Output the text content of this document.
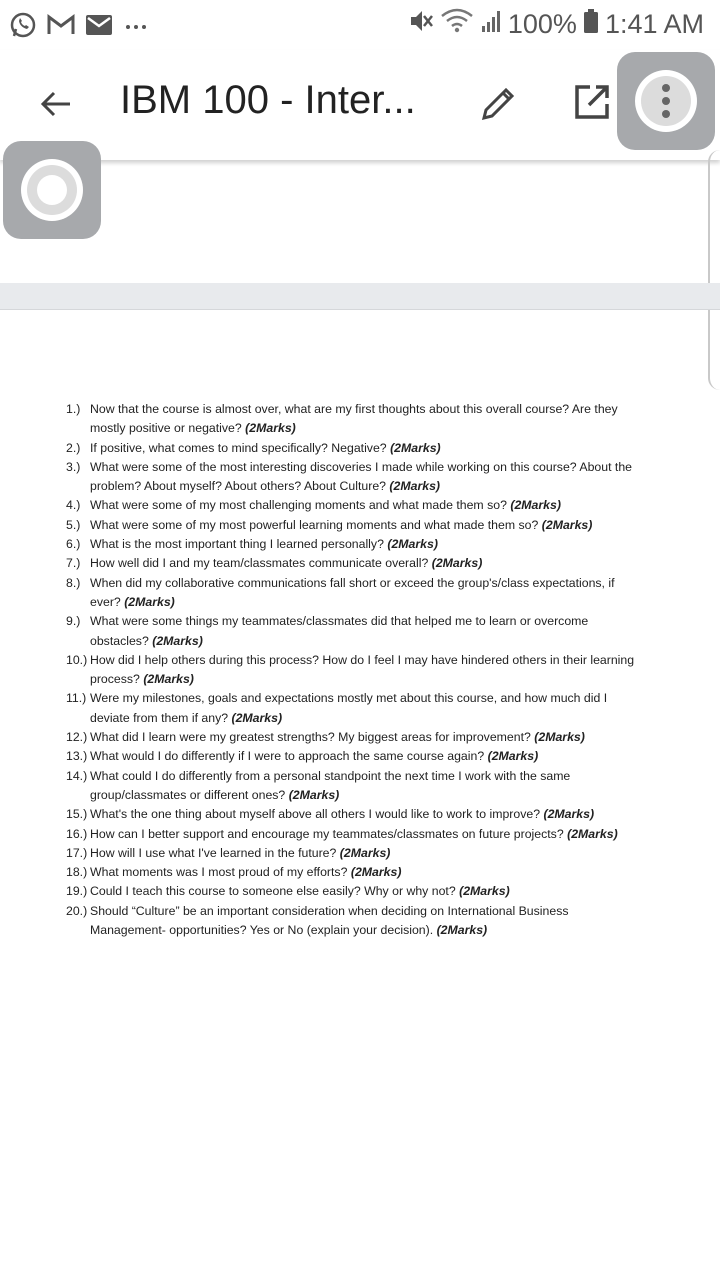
100% 1:41 AM
IBM 100 - Inter...
1.) Now that the course is almost over, what are my first thoughts about this overall course? Are they mostly positive or negative? (2Marks)
2.) If positive, what comes to mind specifically? Negative? (2Marks)
3.) What were some of the most interesting discoveries I made while working on this course? About the problem? About myself? About others? About Culture? (2Marks)
4.) What were some of my most challenging moments and what made them so? (2Marks)
5.) What were some of my most powerful learning moments and what made them so? (2Marks)
6.) What is the most important thing I learned personally? (2Marks)
7.) How well did I and my team/classmates communicate overall? (2Marks)
8.) When did my collaborative communications fall short or exceed the group's/class expectations, if ever? (2Marks)
9.) What were some things my teammates/classmates did that helped me to learn or overcome obstacles? (2Marks)
10.) How did I help others during this process? How do I feel I may have hindered others in their learning process? (2Marks)
11.) Were my milestones, goals and expectations mostly met about this course, and how much did I deviate from them if any? (2Marks)
12.) What did I learn were my greatest strengths? My biggest areas for improvement? (2Marks)
13.) What would I do differently if I were to approach the same course again? (2Marks)
14.) What could I do differently from a personal standpoint the next time I work with the same group/classmates or different ones? (2Marks)
15.) What's the one thing about myself above all others I would like to work to improve? (2Marks)
16.) How can I better support and encourage my teammates/classmates on future projects? (2Marks)
17.) How will I use what I've learned in the future? (2Marks)
18.) What moments was I most proud of my efforts? (2Marks)
19.) Could I teach this course to someone else easily? Why or why not? (2Marks)
20.) Should “Culture” be an important consideration when deciding on International Business Management- opportunities? Yes or No (explain your decision). (2Marks)
